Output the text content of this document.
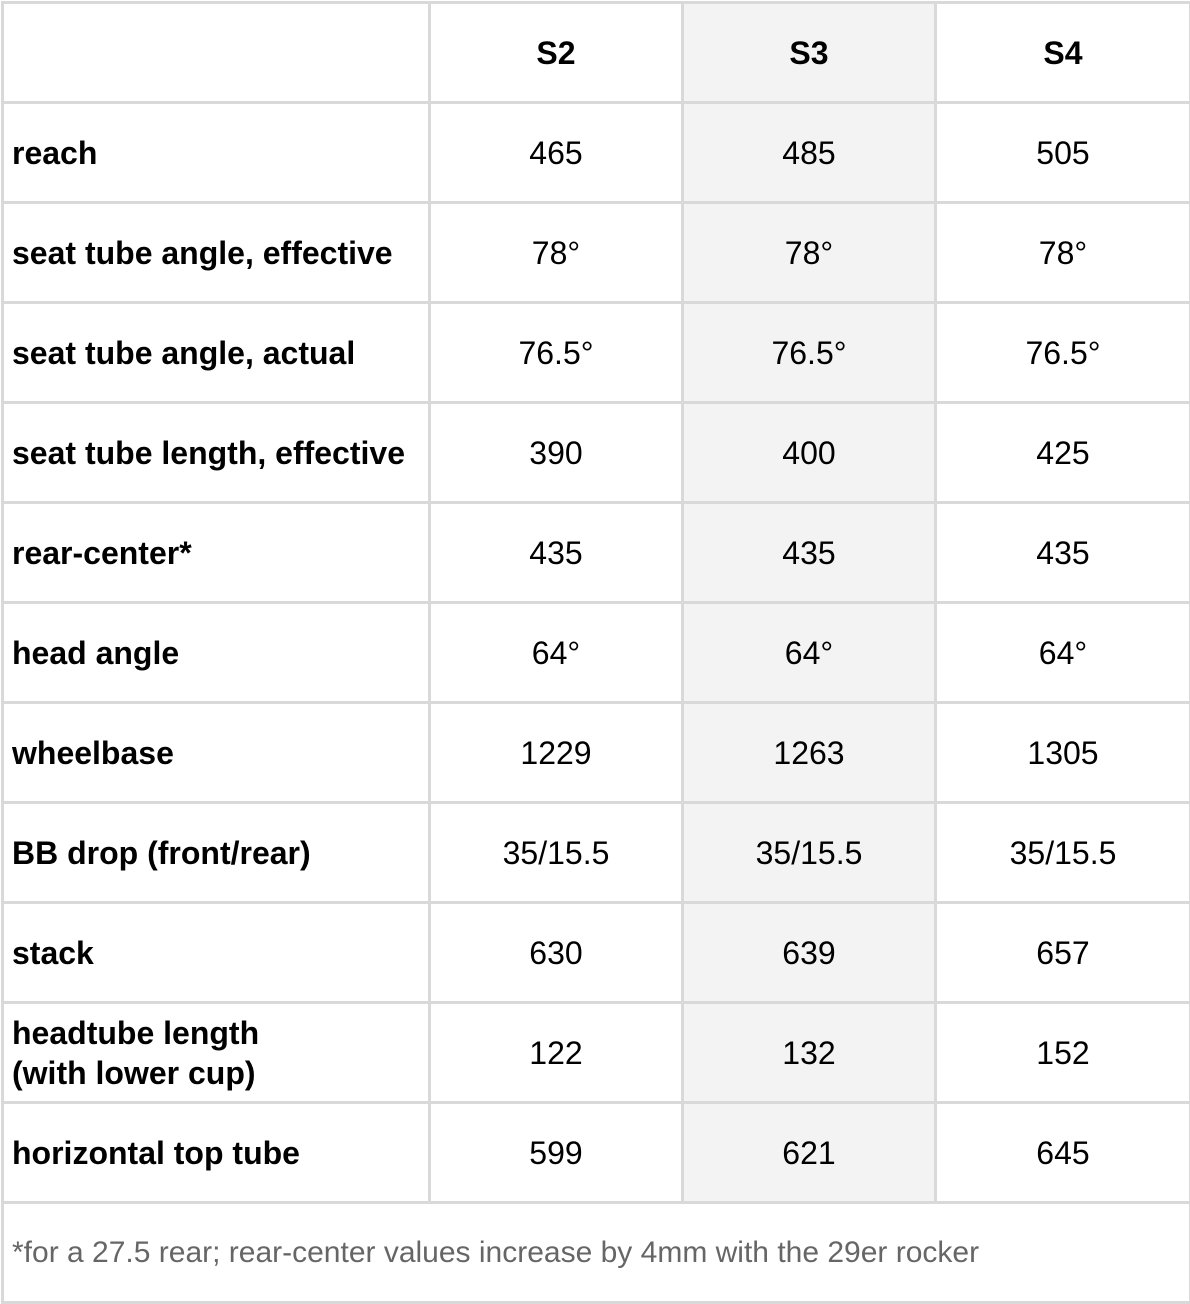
	S2	S3	S4
reach	465	485	505
seat tube angle, effective	78°	78°	78°
seat tube angle, actual	76.5°	76.5°	76.5°
seat tube length, effective	390	400	425
rear-center*	435	435	435
head angle	64°	64°	64°
wheelbase	1229	1263	1305
BB drop (front/rear)	35/15.5	35/15.5	35/15.5
stack	630	639	657
headtube length
(with lower cup)	122	132	152
horizontal top tube	599	621	645
*for a 27.5 rear; rear-center values increase by 4mm with the 29er rocker			
